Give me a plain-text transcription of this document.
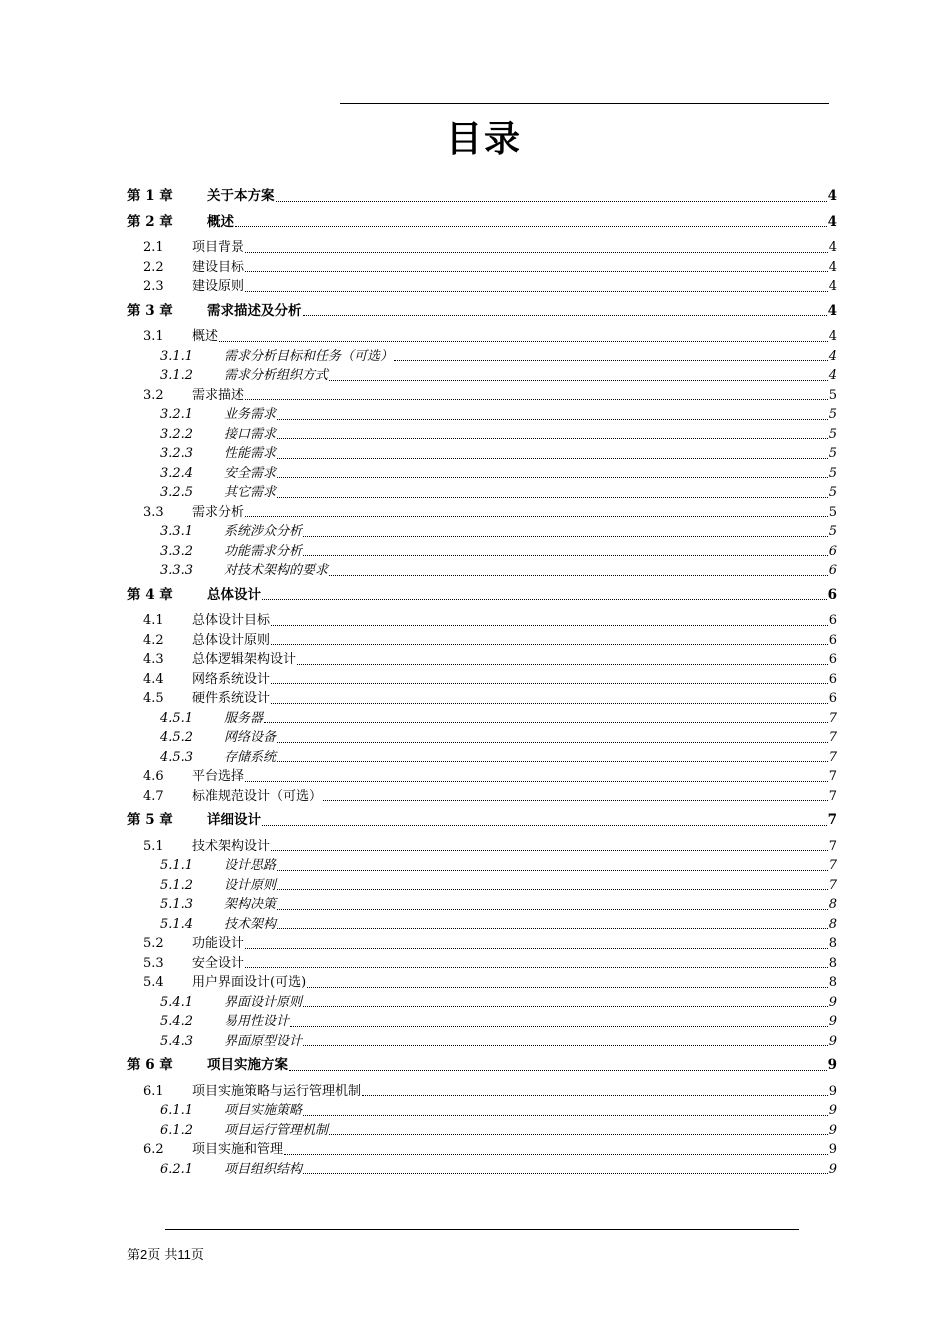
目录
第 1 章	关于本方案	4
第 2 章	概述	4
2.1	项目背景	4
2.2	建设目标	4
2.3	建设原则	4
第 3 章	需求描述及分析	4
3.1	概述	4
3.1.1	需求分析目标和任务（可选）	4
3.1.2	需求分析组织方式	4
3.2	需求描述	5
3.2.1	业务需求	5
3.2.2	接口需求	5
3.2.3	性能需求	5
3.2.4	安全需求	5
3.2.5	其它需求	5
3.3	需求分析	5
3.3.1	系统涉众分析	5
3.3.2	功能需求分析	6
3.3.3	对技术架构的要求	6
第 4 章	总体设计	6
4.1	总体设计目标	6
4.2	总体设计原则	6
4.3	总体逻辑架构设计	6
4.4	网络系统设计	6
4.5	硬件系统设计	6
4.5.1	服务器	7
4.5.2	网络设备	7
4.5.3	存储系统	7
4.6	平台选择	7
4.7	标准规范设计（可选）	7
第 5 章	详细设计	7
5.1	技术架构设计	7
5.1.1	设计思路	7
5.1.2	设计原则	7
5.1.3	架构决策	8
5.1.4	技术架构	8
5.2	功能设计	8
5.3	安全设计	8
5.4	用户界面设计(可选)	8
5.4.1	界面设计原则	9
5.4.2	易用性设计	9
5.4.3	界面原型设计	9
第 6 章	项目实施方案	9
6.1	项目实施策略与运行管理机制	9
6.1.1	项目实施策略	9
6.1.2	项目运行管理机制	9
6.2	项目实施和管理	9
6.2.1	项目组织结构	9
第2页 共11页
